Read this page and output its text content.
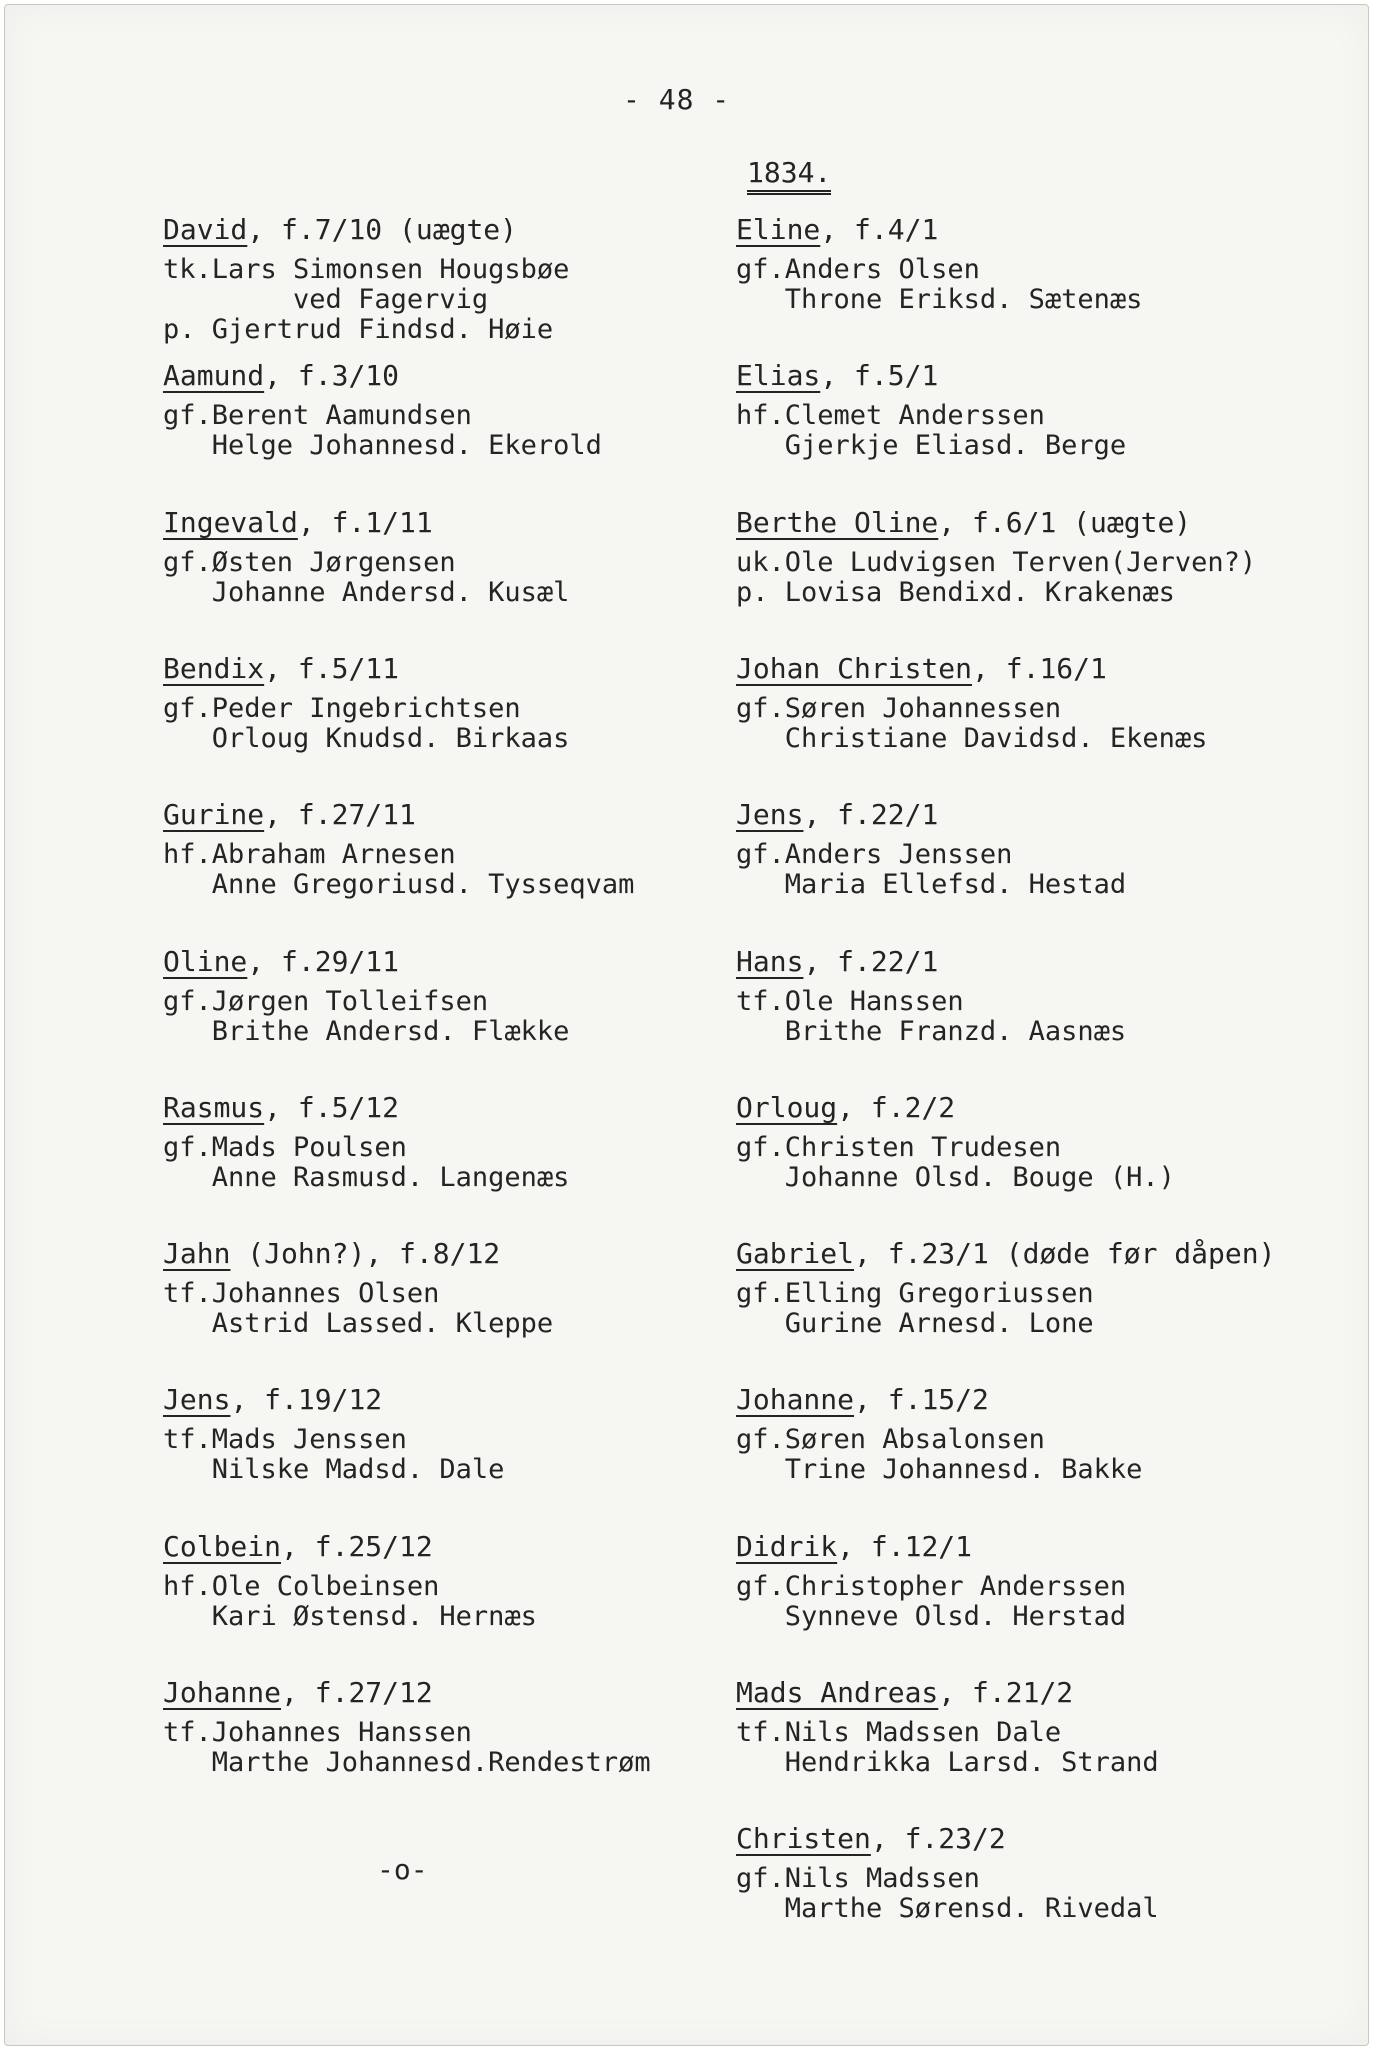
- 48 -
1834.
David, f.7/10 (uægte)
tk.Lars Simonsen Hougsbøe
ved Fagervig
p. Gjertrud Findsd. Høie
Aamund, f.3/10
gf.Berent Aamundsen
Helge Johannesd. Ekerold
Ingevald, f.1/11
gf.Østen Jørgensen
Johanne Andersd. Kusæl
Bendix, f.5/11
gf.Peder Ingebrichtsen
Orloug Knudsd. Birkaas
Gurine, f.27/11
hf.Abraham Arnesen
Anne Gregoriusd. Tysseqvam
Oline, f.29/11
gf.Jørgen Tolleifsen
Brithe Andersd. Flække
Rasmus, f.5/12
gf.Mads Poulsen
Anne Rasmusd. Langenæs
Jahn (John?), f.8/12
tf.Johannes Olsen
Astrid Lassed. Kleppe
Jens, f.19/12
tf.Mads Jenssen
Nilske Madsd. Dale
Colbein, f.25/12
hf.Ole Colbeinsen
Kari Østensd. Hernæs
Johanne, f.27/12
tf.Johannes Hanssen
Marthe Johannesd.Rendestrøm
Eline, f.4/1
gf.Anders Olsen
Throne Eriksd. Sætenæs
Elias, f.5/1
hf.Clemet Anderssen
Gjerkje Eliasd. Berge
Berthe Oline, f.6/1 (uægte)
uk.Ole Ludvigsen Terven(Jerven?)
p. Lovisa Bendixd. Krakenæs
Johan Christen, f.16/1
gf.Søren Johannessen
Christiane Davidsd. Ekenæs
Jens, f.22/1
gf.Anders Jenssen
Maria Ellefsd. Hestad
Hans, f.22/1
tf.Ole Hanssen
Brithe Franzd. Aasnæs
Orloug, f.2/2
gf.Christen Trudesen
Johanne Olsd. Bouge (H.)
Gabriel, f.23/1 (døde før dåpen)
gf.Elling Gregoriussen
Gurine Arnesd. Lone
Johanne, f.15/2
gf.Søren Absalonsen
Trine Johannesd. Bakke
Didrik, f.12/1
gf.Christopher Anderssen
Synneve Olsd. Herstad
Mads Andreas, f.21/2
tf.Nils Madssen Dale
Hendrikka Larsd. Strand
Christen, f.23/2
gf.Nils Madssen
Marthe Sørensd. Rivedal
-o-
